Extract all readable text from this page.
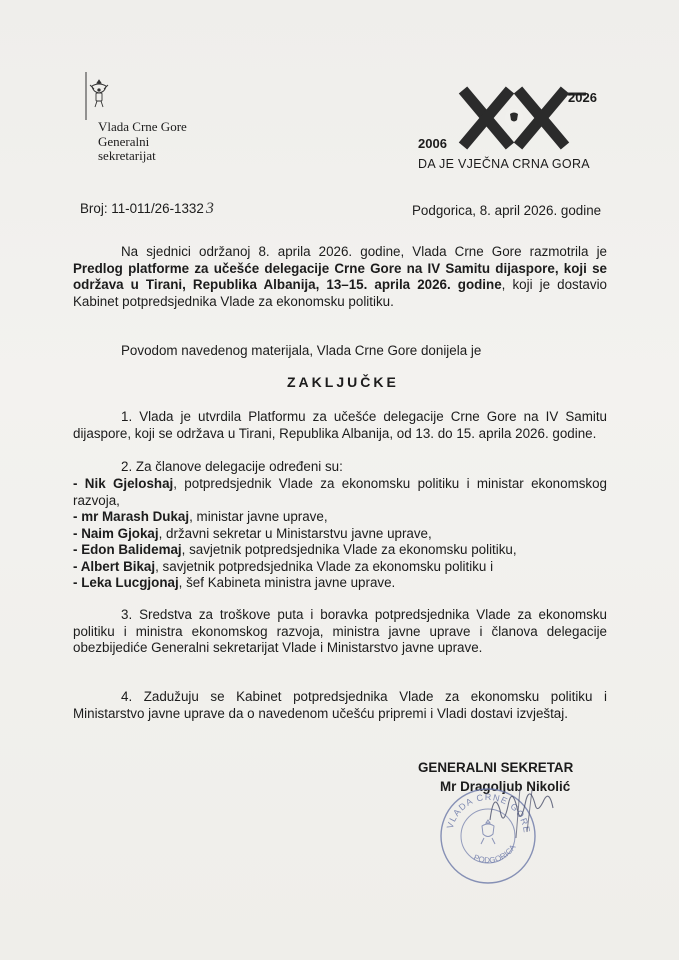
Vlada Crne Gore
Generalni
sekretarijat
2026
2006
DA JE VJEČNA CRNA GORA
Broj: 11-011/26-1332 3	Podgorica, 8. april 2026. godine
Na sjednici održanoj 8. aprila 2026. godine, Vlada Crne Gore razmotrila je Predlog platforme za učešće delegacije Crne Gore na IV Samitu dijaspore, koji se održava u Tirani, Republika Albanija, 13–15. aprila 2026. godine, koji je dostavio Kabinet potpredsjednika Vlade za ekonomsku politiku.
Povodom navedenog materijala, Vlada Crne Gore donijela je
ZAKLJUČKE
1. Vlada je utvrdila Platformu za učešće delegacije Crne Gore na IV Samitu dijaspore, koji se održava u Tirani, Republika Albanija, od 13. do 15. aprila 2026. godine.
2. Za članove delegacije određeni su:
- Nik Gjeloshaj, potpredsjednik Vlade za ekonomsku politiku i ministar ekonomskog razvoja,
- mr Marash Dukaj, ministar javne uprave,
- Naim Gjokaj, državni sekretar u Ministarstvu javne uprave,
- Edon Balidemaj, savjetnik potpredsjednika Vlade za ekonomsku politiku,
- Albert Bikaj, savjetnik potpredsjednika Vlade za ekonomsku politiku i
- Leka Lucgjonaj, šef Kabineta ministra javne uprave.
3. Sredstva za troškove puta i boravka potpredsjednika Vlade za ekonomsku politiku i ministra ekonomskog razvoja, ministra javne uprave i članova delegacije obezbijediće Generalni sekretarijat Vlade i Ministarstvo javne uprave.
4. Zadužuju se Kabinet potpredsjednika Vlade za ekonomsku politiku i Ministarstvo javne uprave da o navedenom učešću pripremi i Vladi dostavi izvještaj.
GENERALNI SEKRETAR
Mr Dragoljub Nikolić
VLADA CRNE GORE
PODGORICA
